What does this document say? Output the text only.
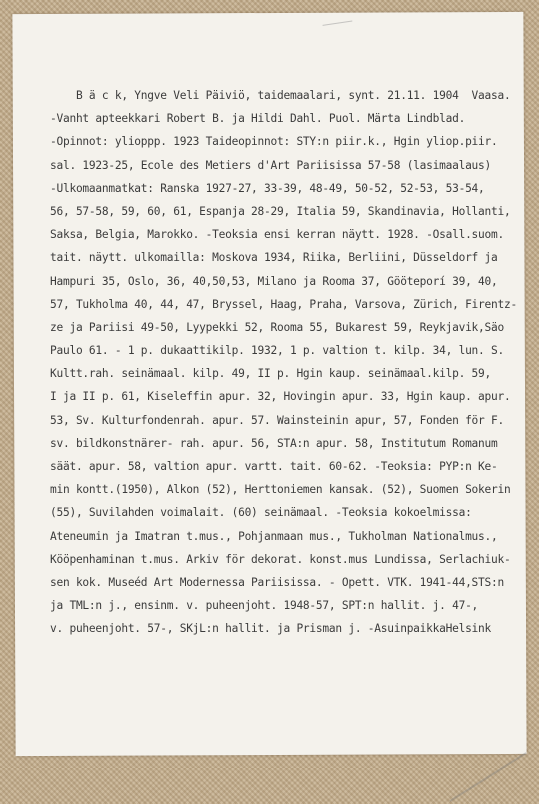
B ä c k, Yngve Veli Päiviö, taidemaalari, synt. 21.11. 1904  Vaasa.
-Vanht apteekkari Robert B. ja Hildi Dahl. Puol. Märta Lindblad.
-Opinnot: ylioppp. 1923 Taideopinnot: STY:n piir.k., Hgin yliop.piir.
sal. 1923-25, Ecole des Metiers d'Art Pariisissa 57-58 (lasimaalaus)
-Ulkomaanmatkat: Ranska 1927-27, 33-39, 48-49, 50-52, 52-53, 53-54,
56, 57-58, 59, 60, 61, Espanja 28-29, Italia 59, Skandinavia, Hollanti,
Saksa, Belgia, Marokko. -Teoksia ensi kerran näytt. 1928. -Osall.suom.
tait. näytt. ulkomailla: Moskova 1934, Riika, Berliini, Düsseldorf ja
Hampuri 35, Oslo, 36, 40,50,53, Milano ja Rooma 37, Gööteporí 39, 40,
57, Tukholma 40, 44, 47, Bryssel, Haag, Praha, Varsova, Zürich, Firentz-
ze ja Pariisi 49-50, Lyypekki 52, Rooma 55, Bukarest 59, Reykjavik,Säo
Paulo 61. - 1 p. dukaattikilp. 1932, 1 p. valtion t. kilp. 34, lun. S.
Kultt.rah. seinämaal. kilp. 49, II p. Hgin kaup. seinämaal.kilp. 59,
I ja II p. 61, Kiseleffin apur. 32, Hovingin apur. 33, Hgin kaup. apur.
53, Sv. Kulturfondenrah. apur. 57. Wainsteinin apur, 57, Fonden för F.
sv. bildkonstnärer- rah. apur. 56, STA:n apur. 58, Institutum Romanum
säät. apur. 58, valtion apur. vartt. tait. 60-62. -Teoksia: PYP:n Ke-
min kontt.(1950), Alkon (52), Herttoniemen kansak. (52), Suomen Sokerin
(55), Suvilahden voimalait. (60) seinämaal. -Teoksia kokoelmissa:
Ateneumin ja Imatran t.mus., Pohjanmaan mus., Tukholman Nationalmus.,
Kööpenhaminan t.mus. Arkiv för dekorat. konst.mus Lundissa, Serlachiuk-
sen kok. Museéd Art Modernessa Pariisissa. - Opett. VTK. 1941-44,STS:n
ja TML:n j., ensinm. v. puheenjoht. 1948-57, SPT:n hallit. j. 47-,
v. puheenjoht. 57-, SKjL:n hallit. ja Prisman j. -AsuinpaikkaHelsink
